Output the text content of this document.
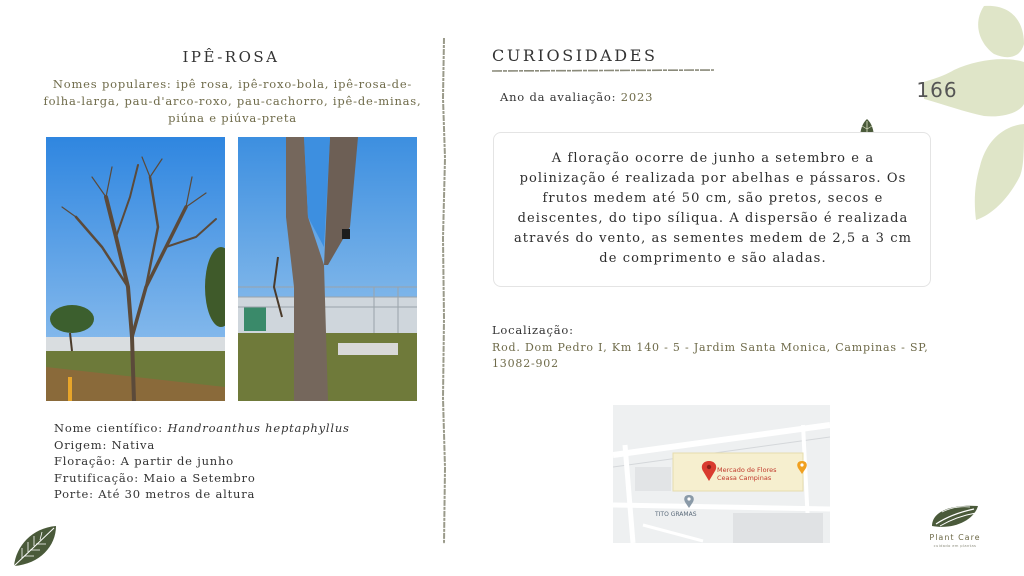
166
IPÊ-ROSA
Nomes populares: ipê rosa, ipê-roxo-bola, ipê-rosa-de-folha-larga, pau-d'arco-roxo, pau-cachorro, ipê-de-minas, piúna e piúva-preta
Nome científico: Handroanthus heptaphyllus
Origem: Nativa
Floração: A partir de junho
Frutificação: Maio a Setembro
Porte: Até 30 metros de altura
CURIOSIDADES
Ano da avaliação: 2023
A floração ocorre de junho a setembro e a polinização é realizada por abelhas e pássaros. Os frutos medem até 50 cm, são pretos, secos e deiscentes, do tipo síliqua. A dispersão é realizada através do vento, as sementes medem de 2,5 a 3 cm de comprimento e são aladas.
Localização:
Rod. Dom Pedro I, Km 140 - 5 - Jardim Santa Monica, Campinas - SP, 13082-902
Mercado de Flores
Ceasa Campinas
TITO GRAMAS
Plant Care
cuidado em plantas
